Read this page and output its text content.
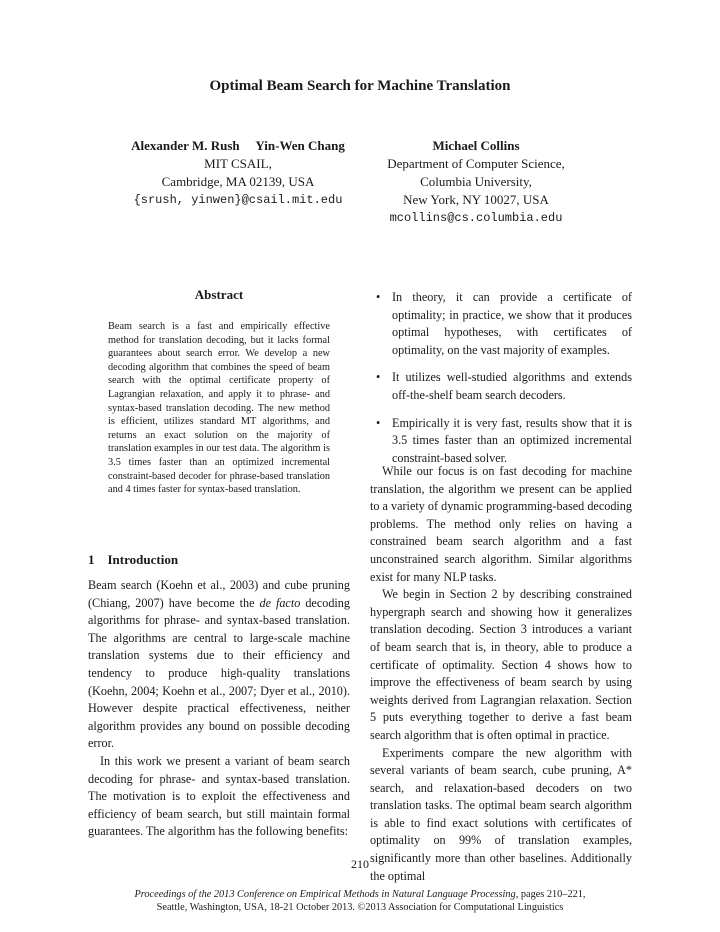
Optimal Beam Search for Machine Translation
Alexander M. Rush     Yin-Wen Chang
MIT CSAIL,
Cambridge, MA 02139, USA
{srush, yinwen}@csail.mit.edu
Michael Collins
Department of Computer Science,
Columbia University,
New York, NY 10027, USA
mcollins@cs.columbia.edu
Abstract
Beam search is a fast and empirically effective method for translation decoding, but it lacks formal guarantees about search error. We develop a new decoding algorithm that combines the speed of beam search with the optimal certificate property of Lagrangian relaxation, and apply it to phrase- and syntax-based translation decoding. The new method is efficient, utilizes standard MT algorithms, and returns an exact solution on the majority of translation examples in our test data. The algorithm is 3.5 times faster than an optimized incremental constraint-based decoder for phrase-based translation and 4 times faster for syntax-based translation.
1 Introduction

Beam search (Koehn et al., 2003) and cube pruning (Chiang, 2007) have become the de facto decoding algorithms for phrase- and syntax-based translation. The algorithms are central to large-scale machine translation systems due to their efficiency and tendency to produce high-quality translations (Koehn, 2004; Koehn et al., 2007; Dyer et al., 2010). However despite practical effectiveness, neither algorithm provides any bound on possible decoding error.

In this work we present a variant of beam search decoding for phrase- and syntax-based translation. The motivation is to exploit the effectiveness and efficiency of beam search, but still maintain formal guarantees. The algorithm has the following benefits:

• In theory, it can provide a certificate of optimality; in practice, we show that it produces optimal hypotheses, with certificates of optimality, on the vast majority of examples.
• It utilizes well-studied algorithms and extends off-the-shelf beam search decoders.
• Empirically it is very fast, results show that it is 3.5 times faster than an optimized incremental constraint-based solver.

While our focus is on fast decoding for machine translation, the algorithm we present can be applied to a variety of dynamic programming-based decoding problems. The method only relies on having a constrained beam search algorithm and a fast unconstrained search algorithm. Similar algorithms exist for many NLP tasks.

We begin in Section 2 by describing constrained hypergraph search and showing how it generalizes translation decoding. Section 3 introduces a variant of beam search that is, in theory, able to produce a certificate of optimality. Section 4 shows how to improve the effectiveness of beam search by using weights derived from Lagrangian relaxation. Section 5 puts everything together to derive a fast beam search algorithm that is often optimal in practice.

Experiments compare the new algorithm with several variants of beam search, cube pruning, A* search, and relaxation-based decoders on two translation tasks. The optimal beam search algorithm is able to find exact solutions with certificates of optimality on 99% of translation examples, significantly more than other baselines. Additionally the optimal

210
Proceedings of the 2013 Conference on Empirical Methods in Natural Language Processing, pages 210–221,
Seattle, Washington, USA, 18-21 October 2013. ©2013 Association for Computational Linguistics
